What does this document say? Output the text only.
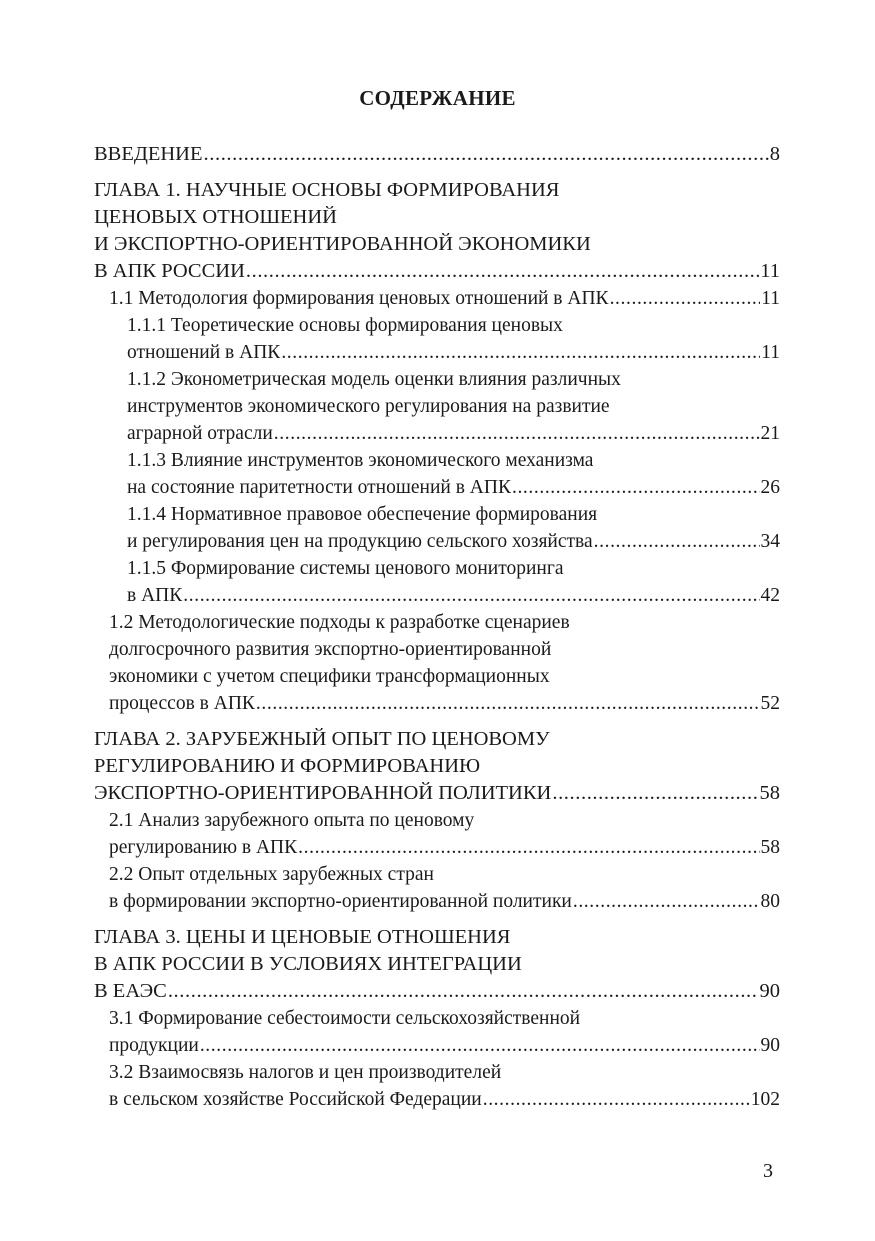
СОДЕРЖАНИЕ
ВВЕДЕНИЕ .....	8
ГЛАВА 1. НАУЧНЫЕ ОСНОВЫ ФОРМИРОВАНИЯ
ЦЕНОВЫХ ОТНОШЕНИЙ
И ЭКСПОРТНО-ОРИЕНТИРОВАННОЙ ЭКОНОМИКИ
В АПК РОССИИ .....	11
1.1 Методология формирования ценовых отношений в АПК .....	11
1.1.1 Теоретические основы формирования ценовых
отношений в АПК .....	11
1.1.2 Эконометрическая модель оценки влияния различных
инструментов экономического регулирования на развитие
аграрной отрасли .....	21
1.1.3 Влияние инструментов экономического механизма
на состояние паритетности отношений в АПК .....	26
1.1.4 Нормативное правовое обеспечение формирования
и регулирования цен на продукцию сельского хозяйства .....	34
1.1.5 Формирование системы ценового мониторинга
в АПК .....	42
1.2 Методологические подходы к разработке сценариев
долгосрочного развития экспортно-ориентированной
экономики с учетом специфики трансформационных
процессов в АПК .....	52
ГЛАВА 2. ЗАРУБЕЖНЫЙ ОПЫТ ПО ЦЕНОВОМУ
РЕГУЛИРОВАНИЮ И ФОРМИРОВАНИЮ
ЭКСПОРТНО-ОРИЕНТИРОВАННОЙ ПОЛИТИКИ .....	58
2.1 Анализ зарубежного опыта по ценовому
регулированию в АПК .....	58
2.2 Опыт отдельных зарубежных стран
в формировании экспортно-ориентированной политики .....	80
ГЛАВА 3. ЦЕНЫ И ЦЕНОВЫЕ ОТНОШЕНИЯ
В АПК РОССИИ В УСЛОВИЯХ ИНТЕГРАЦИИ
В ЕАЭС .....	90
3.1 Формирование себестоимости сельскохозяйственной
продукции .....	90
3.2 Взаимосвязь налогов и цен производителей
в сельском хозяйстве Российской Федерации .....	102
3
